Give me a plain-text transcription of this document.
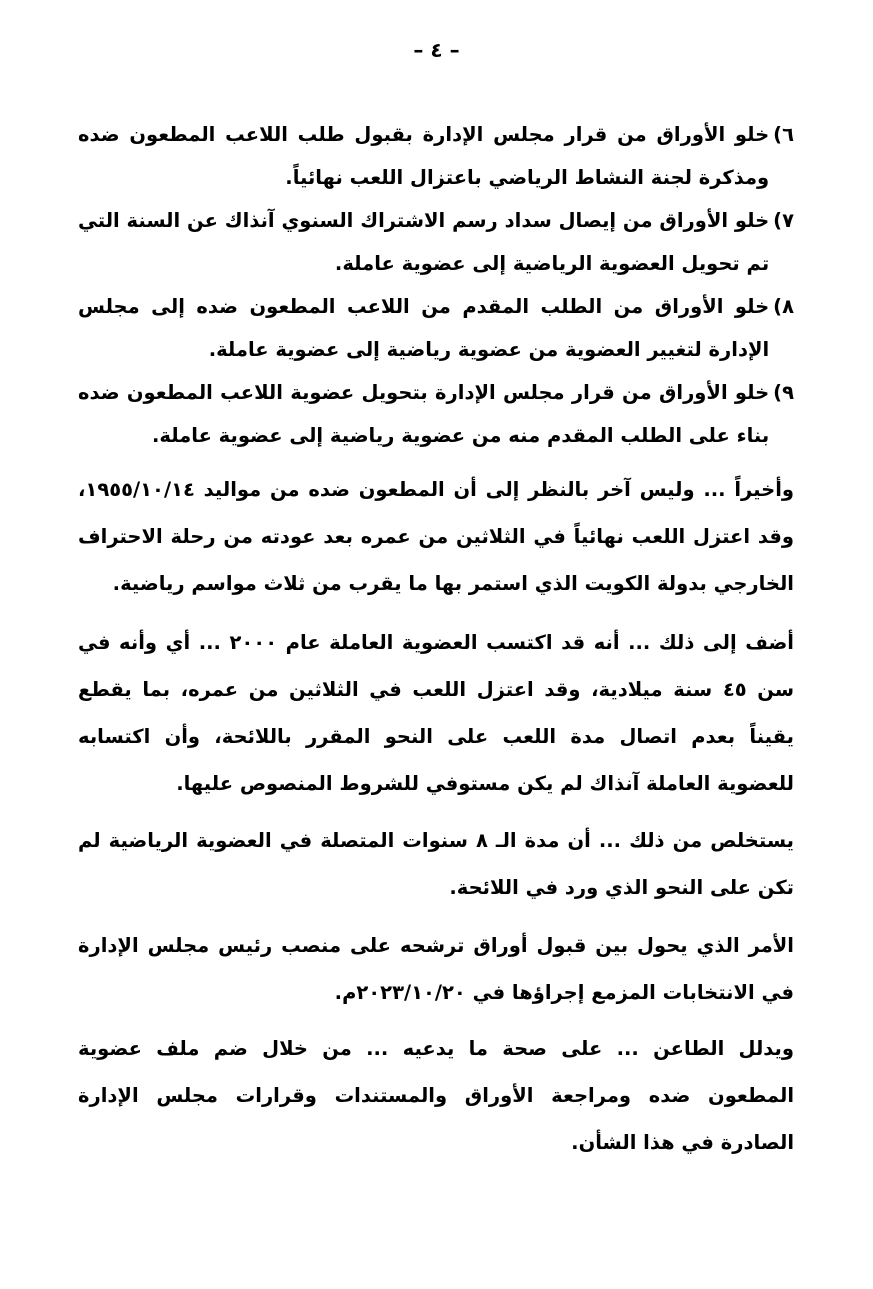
– ٤ –
٦)
خلو الأوراق من قرار مجلس الإدارة بقبول طلب اللاعب المطعون ضده ومذكرة لجنة النشاط الرياضي باعتزال اللعب نهائياً.
٧)
خلو الأوراق من إيصال سداد رسم الاشتراك السنوي آنذاك عن السنة التي تم تحويل العضوية الرياضية إلى عضوية عاملة.
٨)
خلو الأوراق من الطلب المقدم من اللاعب المطعون ضده إلى مجلس الإدارة لتغيير العضوية من عضوية رياضية إلى عضوية عاملة.
٩)
خلو الأوراق من قرار مجلس الإدارة بتحويل عضوية اللاعب المطعون ضده بناء على الطلب المقدم منه من عضوية رياضية إلى عضوية عاملة.

وأخيراً ... وليس آخر بالنظر إلى أن المطعون ضده من مواليد ١٩٥٥/١٠/١٤، وقد اعتزل اللعب نهائياً في الثلاثين من عمره بعد عودته من رحلة الاحتراف الخارجي بدولة الكويت الذي استمر بها ما يقرب من ثلاث مواسم رياضية.

أضف إلى ذلك ... أنه قد اكتسب العضوية العاملة عام ٢٠٠٠ ... أي وأنه في سن ٤٥ سنة ميلادية، وقد اعتزل اللعب في الثلاثين من عمره، بما يقطع يقيناً بعدم اتصال مدة اللعب على النحو المقرر باللائحة، وأن اكتسابه للعضوية العاملة آنذاك لم يكن مستوفي للشروط المنصوص عليها.

يستخلص من ذلك ... أن مدة الـ ٨ سنوات المتصلة في العضوية الرياضية لم تكن على النحو الذي ورد في اللائحة.

الأمر الذي يحول بين قبول أوراق ترشحه على منصب رئيس مجلس الإدارة في الانتخابات المزمع إجراؤها في ٢٠٢٣/١٠/٢٠م.

ويدلل الطاعن ... على صحة ما يدعيه ... من خلال ضم ملف عضوية المطعون ضده ومراجعة الأوراق والمستندات وقرارات مجلس الإدارة الصادرة في هذا الشأن.
